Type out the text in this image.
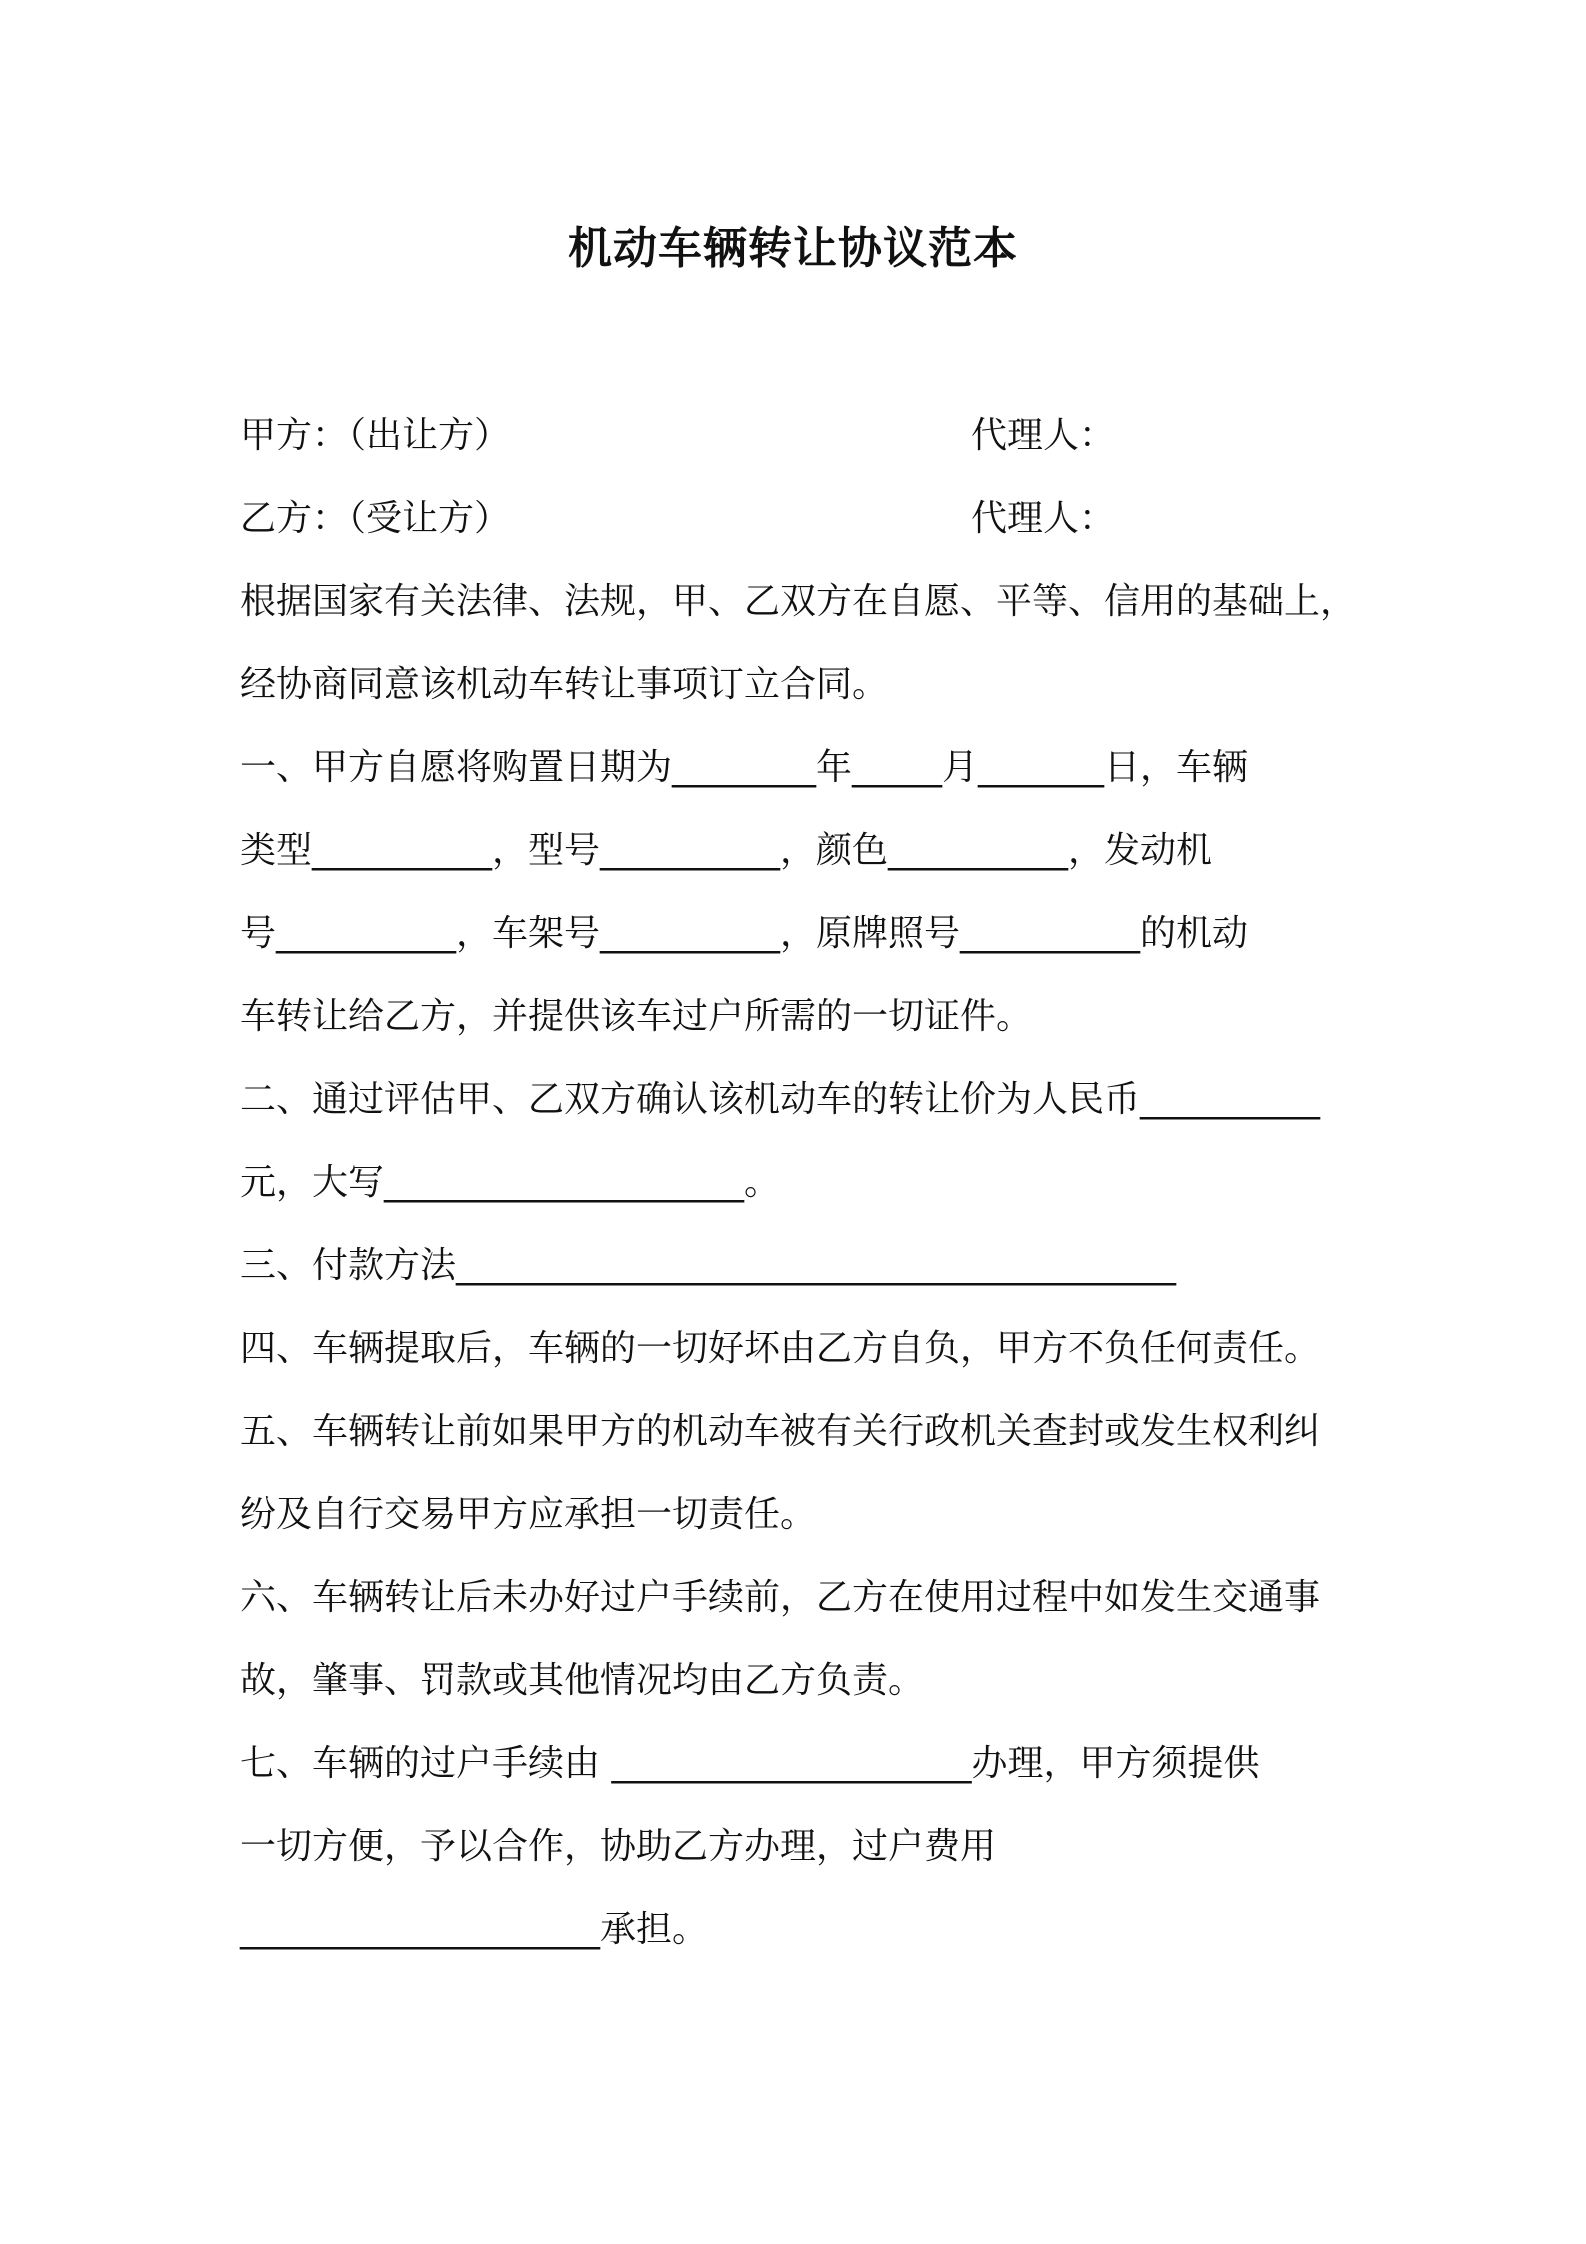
机动车辆转让协议范本
甲方：（出让方）	代理人：
乙方：（受让方）	代理人：
根据国家有关法律、法规，甲、乙双方在自愿、平等、信用的基础上，
经协商同意该机动车转让事项订立合同。
一、甲方自愿将购置日期为________年_____月_______日，车辆
类型__________，型号__________，颜色__________，发动机
号__________，车架号__________，原牌照号__________的机动
车转让给乙方，并提供该车过户所需的一切证件。
二、通过评估甲、乙双方确认该机动车的转让价为人民币__________
元，大写____________________。
三、付款方法________________________________________
四、车辆提取后，车辆的一切好坏由乙方自负，甲方不负任何责任。
五、车辆转让前如果甲方的机动车被有关行政机关查封或发生权利纠
纷及自行交易甲方应承担一切责任。
六、车辆转让后未办好过户手续前，乙方在使用过程中如发生交通事
故，肇事、罚款或其他情况均由乙方负责。
七、车辆的过户手续由 ____________________办理，甲方须提供
一切方便，予以合作，协助乙方办理，过户费用
____________________承担。
